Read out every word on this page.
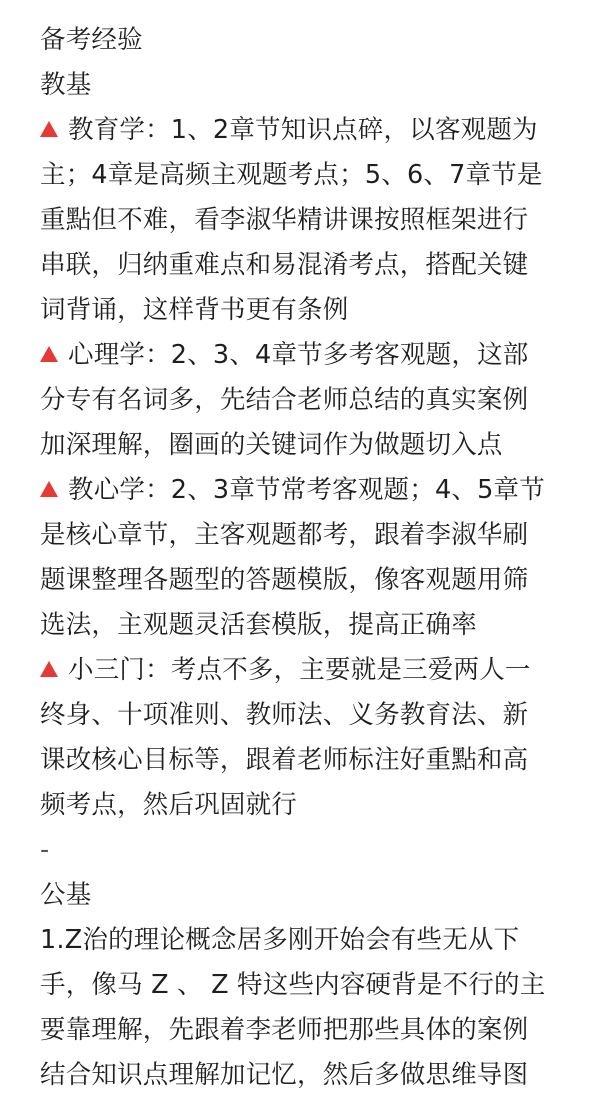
备考经验
教基
教育学：1、2章节知识点碎，以客观题为
主；4章是高频主观题考点；5、6、7章节是
重點但不难，看李淑华精讲课按照框架进行
串联，归纳重难点和易混淆考点，搭配关键
词背诵，这样背书更有条例
心理学：2、3、4章节多考客观题，这部
分专有名词多，先结合老师总结的真实案例
加深理解，圈画的关键词作为做题切入点
教心学：2、3章节常考客观题；4、5章节
是核心章节，主客观题都考，跟着李淑华刷
题课整理各题型的答题模版，像客观题用筛
选法，主观题灵活套模版，提高正确率
小三门：考点不多，主要就是三爱两人一
终身、十项准则、教师法、义务教育法、新
课改核心目标等，跟着老师标注好重點和高
频考点，然后巩固就行
-
公基
1.Z治的理论概念居多刚开始会有些无从下
手，像马 Z 、 Z 特这些内容硬背是不行的主
要靠理解，先跟着李老师把那些具体的案例
结合知识点理解加记忆，然后多做思维导图
